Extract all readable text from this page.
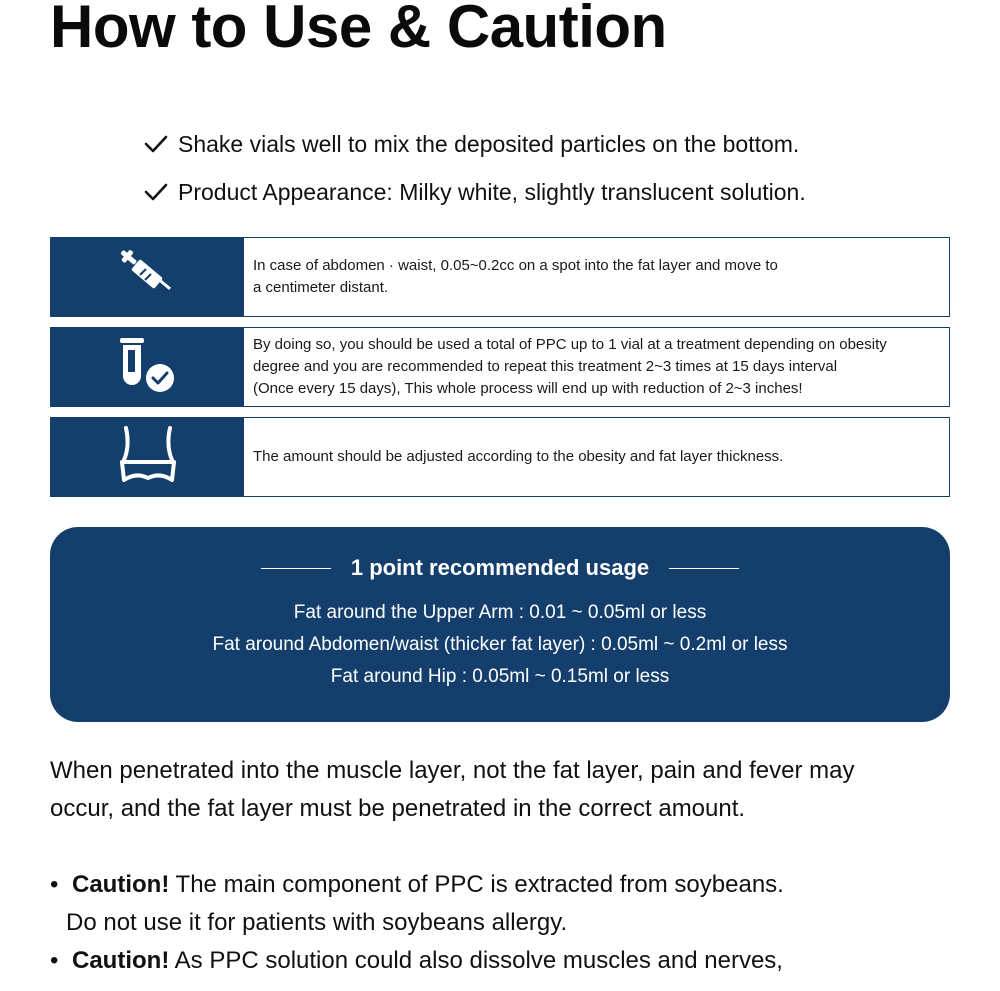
How to Use & Caution
Shake vials well to mix the deposited particles on the bottom.
Product Appearance: Milky white, slightly translucent solution.
In case of abdomen · waist, 0.05~0.2cc on a spot into the fat layer and move to
a centimeter distant.
By doing so, you should be used a total of PPC up to 1 vial at a treatment depending on obesity
degree and you are recommended to repeat this treatment 2~3 times at 15 days interval
(Once every 15 days), This whole process will end up with reduction of 2~3 inches!
The amount should be adjusted according to the obesity and fat layer thickness.
1 point recommended usage
Fat around the Upper Arm : 0.01 ~ 0.05ml or less
Fat around Abdomen/waist (thicker fat layer) : 0.05ml ~ 0.2ml or less
Fat around Hip : 0.05ml ~ 0.15ml or less

When penetrated into the muscle layer, not the fat layer, pain and fever may occur, and the fat layer must be penetrated in the correct amount.

• Caution! The main component of PPC is extracted from soybeans.
Do not use it for patients with soybeans allergy.
• Caution! As PPC solution could also dissolve muscles and nerves,
